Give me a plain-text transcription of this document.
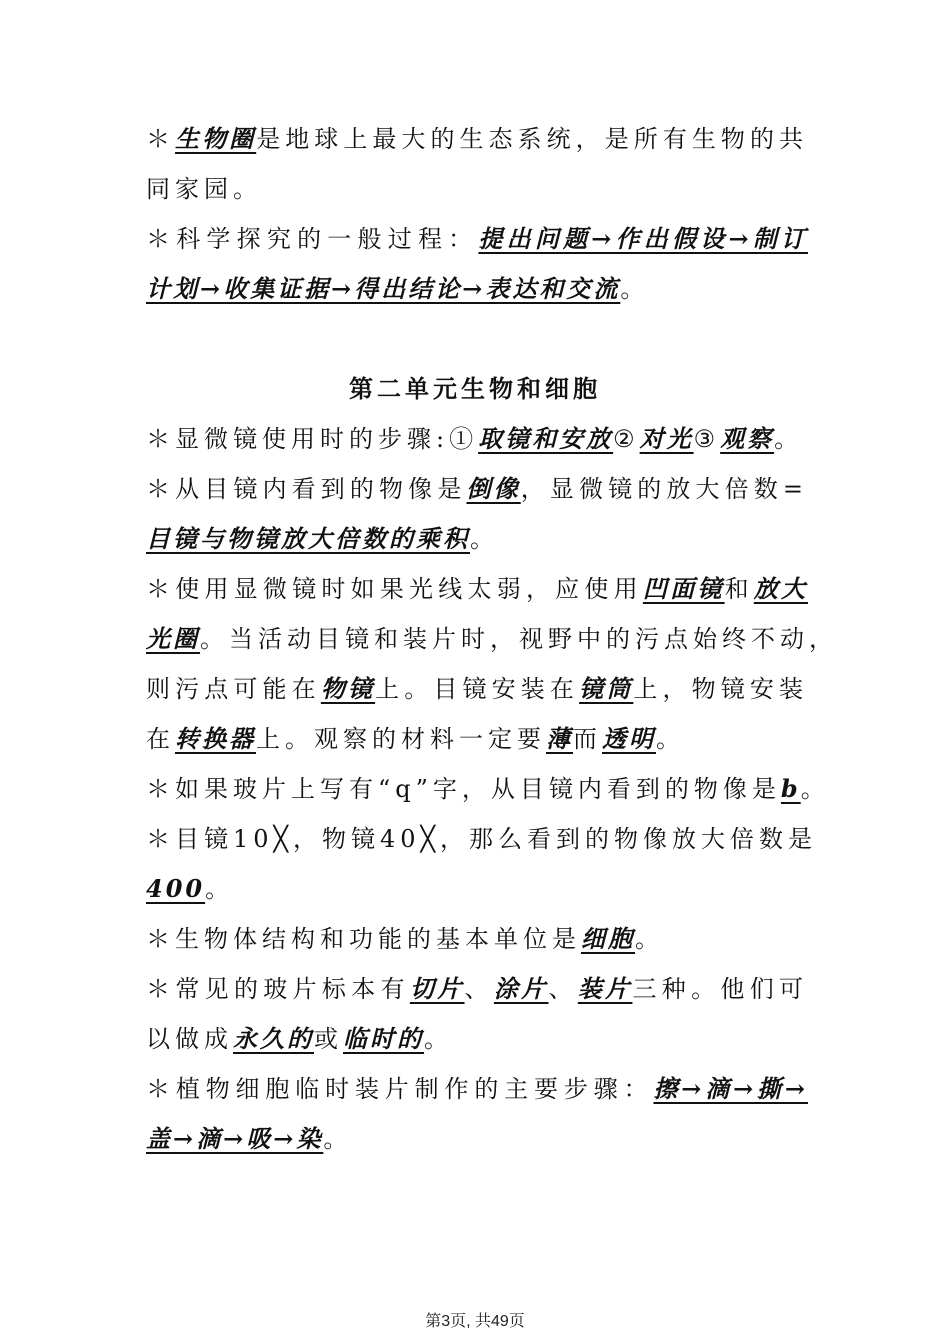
＊生物圈是地球上最大的生态系统，是所有生物的共
同家园。
＊科学探究的一般过程：提出问题→作出假设→制订
计划→收集证据→得出结论→表达和交流。
第二单元生物和细胞
＊显微镜使用时的步骤:①取镜和安放②对光③观察。
＊从目镜内看到的物像是倒像，显微镜的放大倍数=
目镜与物镜放大倍数的乘积。
＊使用显微镜时如果光线太弱，应使用凹面镜和放大
光圈。当活动目镜和装片时，视野中的污点始终不动，
则污点可能在物镜上。目镜安装在镜筒上，物镜安装
在转换器上。观察的材料一定要薄而透明。
＊如果玻片上写有“q”字，从目镜内看到的物像是b。
＊目镜10╳，物镜40╳，那么看到的物像放大倍数是
400。
＊生物体结构和功能的基本单位是细胞。
＊常见的玻片标本有切片、涂片、装片三种。他们可
以做成永久的或临时的。
＊植物细胞临时装片制作的主要步骤：擦→滴→撕→
盖→滴→吸→染。
第3页, 共49页
